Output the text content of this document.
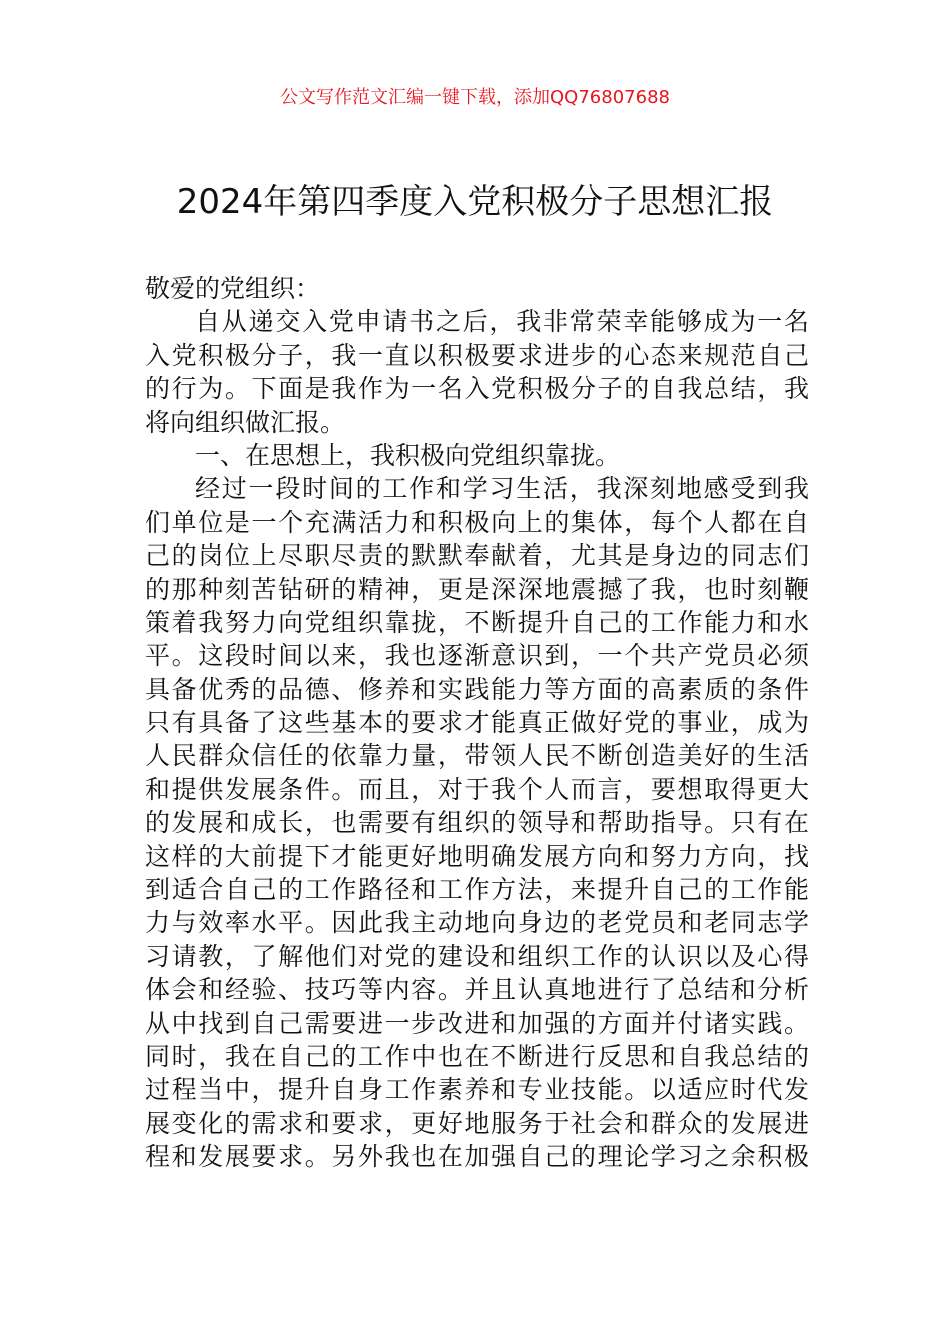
公文写作范文汇编一键下载，添加QQ76807688
2024年第四季度入党积极分子思想汇报
敬爱的党组织：
自从递交入党申请书之后，我非常荣幸能够成为一名
入党积极分子，我一直以积极要求进步的心态来规范自己
的行为。下面是我作为一名入党积极分子的自我总结，我
将向组织做汇报。
一、在思想上，我积极向党组织靠拢。
经过一段时间的工作和学习生活，我深刻地感受到我
们单位是一个充满活力和积极向上的集体，每个人都在自
己的岗位上尽职尽责的默默奉献着，尤其是身边的同志们
的那种刻苦钻研的精神，更是深深地震撼了我，也时刻鞭
策着我努力向党组织靠拢，不断提升自己的工作能力和水
平。这段时间以来，我也逐渐意识到，一个共产党员必须
具备优秀的品德、修养和实践能力等方面的高素质的条件
只有具备了这些基本的要求才能真正做好党的事业，成为
人民群众信任的依靠力量，带领人民不断创造美好的生活
和提供发展条件。而且，对于我个人而言，要想取得更大
的发展和成长，也需要有组织的领导和帮助指导。只有在
这样的大前提下才能更好地明确发展方向和努力方向，找
到适合自己的工作路径和工作方法，来提升自己的工作能
力与效率水平。因此我主动地向身边的老党员和老同志学
习请教，了解他们对党的建设和组织工作的认识以及心得
体会和经验、技巧等内容。并且认真地进行了总结和分析
从中找到自己需要进一步改进和加强的方面并付诸实践。
同时，我在自己的工作中也在不断进行反思和自我总结的
过程当中，提升自身工作素养和专业技能。以适应时代发
展变化的需求和要求，更好地服务于社会和群众的发展进
程和发展要求。另外我也在加强自己的理论学习之余积极
